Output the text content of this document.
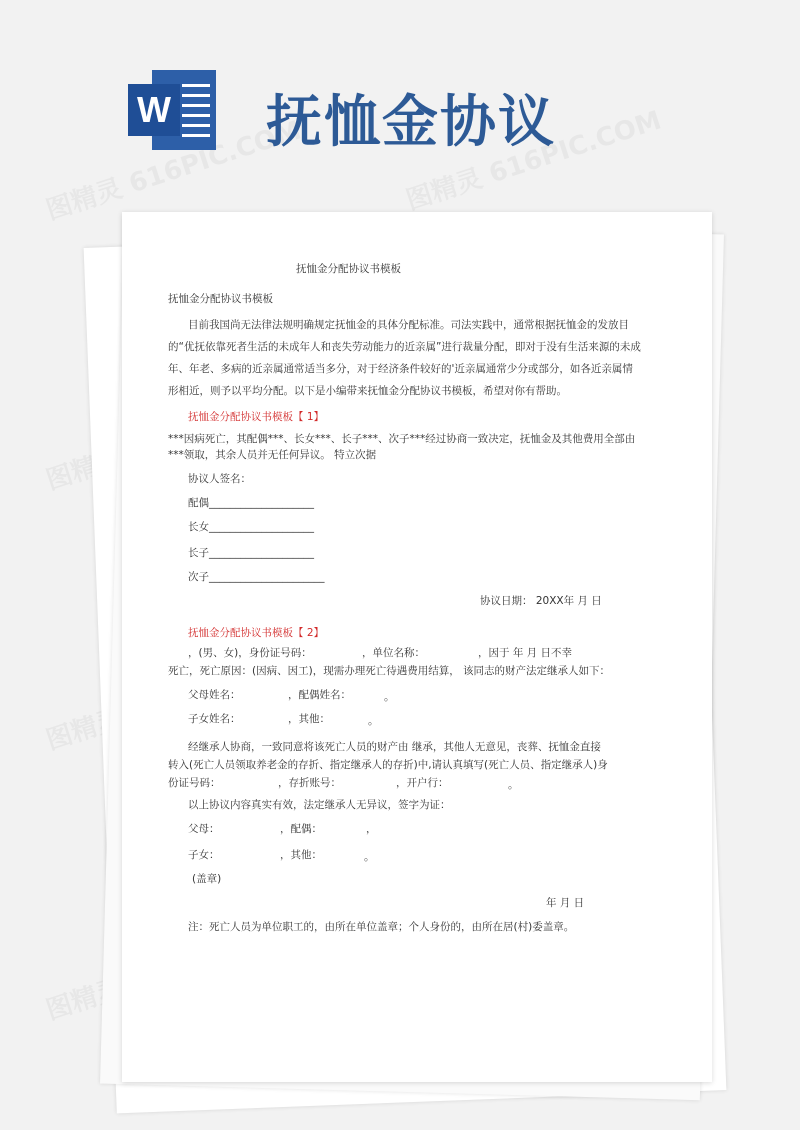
W 抚恤金协议
抚恤金分配协议书模板
抚恤金分配协议书模板
目前我国尚无法律法规明确规定抚恤金的具体分配标准。司法实践中，通常根据抚恤金的发放目
的“优抚依靠死者生活的未成年人和丧失劳动能力的近亲属”进行裁量分配，即对于没有生活来源的未成
年、年老、多病的近亲属通常适当多分，对于经济条件较好的'近亲属通常少分或部分，如各近亲属情
形相近，则予以平均分配。以下是小编带来抚恤金分配协议书模板，希望对你有帮助。
抚恤金分配协议书模板【 1】
***因病死亡，其配偶***、长女***、长子***、次子***经过协商一致决定，抚恤金及其他费用全部由
***领取，其余人员并无任何异议。 特立次据
协议人签名：
配偶____________________
长女____________________
长子____________________
次子______________________
协议日期： 20XX年 月 日
抚恤金分配协议书模板【 2】
，(男、女)，身份证号码：	，单位名称：	，因于 年 月 日不幸
死亡，死亡原因：(因病、因工)，现需办理死亡待遇费用结算， 该同志的财产法定继承人如下：
父母姓名：	，配偶姓名：	。
子女姓名：	，其他：	。
经继承人协商，一致同意将该死亡人员的财产由 继承，其他人无意见，丧葬、抚恤金直接
转入(死亡人员领取养老金的存折、指定继承人的存折)中,请认真填写(死亡人员、指定继承人)身
份证号码：	，存折账号：	，开户行：	。
以上协议内容真实有效，法定继承人无异议，签字为证：
父母：	，配偶：	，
子女：	，其他：	。
(盖章)
年 月 日
注：死亡人员为单位职工的，由所在单位盖章；个人身份的，由所在居(村)委盖章。
